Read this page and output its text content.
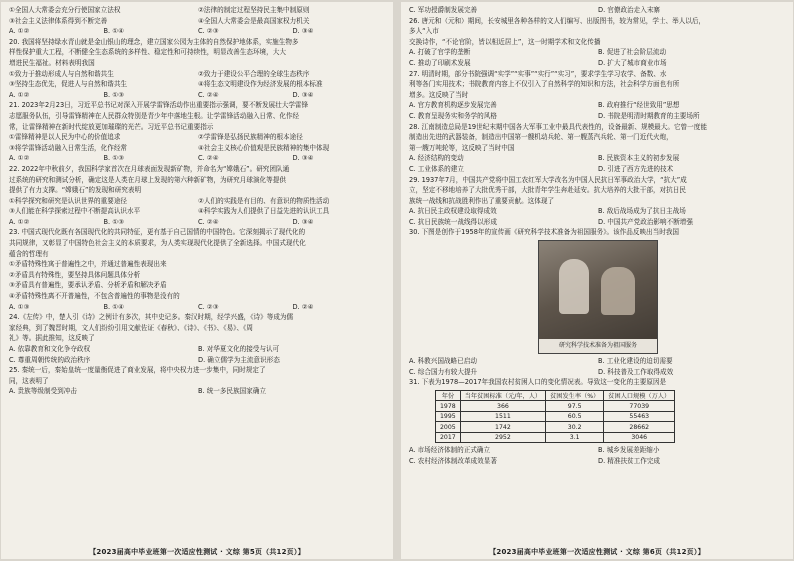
①全国人大常委会充分行使国家立法权	②法律的制定过程坚持民主集中制原则
③社会主义法律体系得到不断完善	④全国人大常委会是最高国家权力机关
A. ①②	B. ①④	C. ②③	D. ③④
20. 我国将坚持绿水青山就是金山银山的理念，建立国家公园为主体的自然保护地体系，实施生物多
样性保护重大工程，不断健全生态系统的多样性、稳定性和可持续性，明显改善生态环境，大大
增进民生福祉。材料表明我国
①致力于推动形成人与自然和谐共生	②致力于建设公平合理的全球生态秩序
③坚持生态优先，促进人与自然和谐共生	④将生态文明建设作为经济发展的根本标准
A. ①②	B. ①③	C. ②④	D. ③④
21. 2023年2月23日，习近平总书记对深入开展学雷锋活动作出重要指示强调，要不断发展壮大学雷锋
志愿服务队伍，引导雷锋精神在人民群众特别是青少年中落地生根。让学雷锋活动融入日常、化作经
常，让雷锋精神在新时代绽放更加璀璨的光芒。习近平总书记重要指示
①雷锋精神是以人民为中心的价值追求	②学雷锋是弘扬民族精神的根本途径
③将学雷锋活动融入日常生活，化作经常	④社会主义核心价值观是民族精神的集中体现
A. ①②	B. ①③	C. ②④	D. ③④
22. 2022年中秋前夕，我国科学家首次在月球表面发现新矿物，并命名为“嫦娥石”。研究团队通
过系统的研究和测试分析，确定这是人类在月球上发现的第六种新矿物，为研究月球演化等提供
提供了有力支撑。“嫦娥石”的发现和研究表明
①科学探究和研究是认识世界的重要途径	②人们的实践是有目的、有意识的物质性活动
③人们能在科学探索过程中不断提高认识水平	④科学实践为人们提供了日益先进的认识工具
A. ①②	B. ①③	C. ②④	D. ③④
23. 中国式现代化既有各国现代化的共同特征，更有基于自己国情的中国特色。它深刻揭示了现代化的
共同规律，又彰显了中国特色社会主义的本质要求，为人类实现现代化提供了全新选择。中国式现代化
蕴含的哲理有
①矛盾特殊性寓于普遍性之中，并通过普遍性表现出来
②矛盾具有特殊性，要坚持具体问题具体分析
③矛盾具有普遍性，要承认矛盾、分析矛盾和解决矛盾
④矛盾特殊性离不开普遍性，不包含普遍性的事物是没有的
A. ①③	B. ①④	C. ②③	D. ②④
24.《左传》中，楚人引《诗》之例计有多次，其中史记多。秦汉时期，经学兴盛，《诗》等成为儒
家经典，到了魏晋时期，文人们纷纷引用文献佐证《春秋》、《诗》、《书》、《易》、《周
礼》等。据此推知，这反映了
A. 依靠教育和文化争夺政权	B. 对华夏文化的接受与认可
C. 尊重周朝传统的政治秩序	D. 确立儒学为主流意识形态
25. 秦统一后，秦始皇统一度量衡促进了商业发展，将中央权力进一步集中，同时规定了
同，这表明了
A. 贵族等级制受到冲击	B. 统一多民族国家确立
【2023届高中毕业班第一次适应性测试 · 文综 第5页（共12页）】
C. 军功授爵制发展完善	D. 官僚政治走入末寨
26. 唐元和（元和）期间，长安城里各种各样的文人们编写、出版图书，较为常见，学士、举人以后，
多人“入市
交换诗作，“不论官阶，皆以相近居上”，这一时期学术和文化传播
A. 打破了官学的垄断	B. 促进了社会阶层流动
C. 推动了印刷术发展	D. 扩大了城市商业市场
27. 明清时期，部分书院强调“实学”“实事”“实行”“实习”，要求学生学习农学、备数、水
利等各门实用技术；书院教育内容上不仅引入了自然科学的知识和方法，社会科学方面也有所
增多。这反映了当时
A. 官方教育机构逐步发展完善	B. 政府推行“经世致用”思想
C. 教育呈现务实和务学的风格	D. 书院是明清时期教育的主要场所
28. 江南制造总局是19世纪末期中国各大军事工业中最具代表性的，设备最新、规模最大。它曾一度能
制造出先进的武器装备，制造出中国第一艘机动兵轮、第一艘蒸汽兵轮、第一门近代火炮，
第一艘万吨轮等，这反映了当时中国
A. 经济结构的变动	B. 民族资本主义的初步发展
C. 工业体系的建立	D. 引进了西方先进的技术
29. 1937年7月，中国共产党将中国工农红军大学改名为中国人民抗日军事政治大学，“抗大”成
立，坚定不移地培养了大批优秀干部，大批青年学生奔赴延安。抗大培养的大批干部，对抗日民
族统一战线和抗战胜利作出了重要贡献。这体现了
A. 抗日民主政权建设取得成效	B. 敌后战场成为了抗日主战场
C. 抗日民族统一战线得以形成	D. 中国共产党政治影响不断增强
30. 下图是创作于1958年的宣传画《研究科学技术准备为祖国服务》。该作品反映出当时我国
研究科学技术准备为祖国服务
A. 科教兴国战略已启动	B. 工业化建设的迫切需要
C. 综合国力有较大提升	D. 科技普及工作取得成效
31. 下表为1978—2017年我国农村贫困人口的变化情况表。导致这一变化的主要原因是
年份	当年贫困标准（元/年，人）	贫困发生率（%）	贫困人口规模（万人）
1978	366	97.5	77039
1995	1511	60.5	55463
2005	1742	30.2	28662
2017	2952	3.1	3046
A. 市场经济体制的正式确立	B. 城乡发展差距缩小
C. 农村经济体制改革成效显著	D. 精准扶贫工作完成
【2023届高中毕业班第一次适应性测试 · 文综 第6页（共12页）】
